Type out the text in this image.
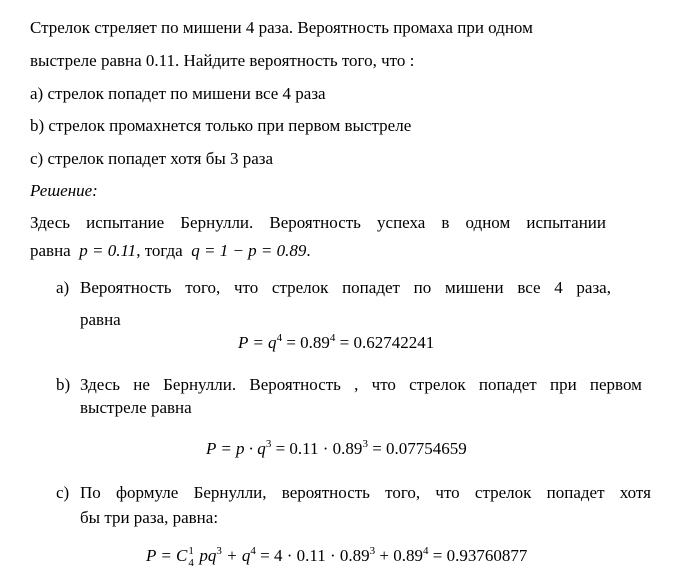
Стрелок стреляет по мишени 4 раза. Вероятность промаха при одном
выстреле равна 0.11. Найдите вероятность того, что :
a) стрелок попадет по мишени все 4 раза
b) стрелок промахнется только при первом выстреле
c) стрелок попадет хотя бы 3 раза
Решение:
Здесь испытание Бернулли. Вероятность успеха в одном испытании
равна p = 0.11, тогда q = 1 − p = 0.89.
a) Вероятность того, что стрелок попадет по мишени все 4 раза,
равна
$P = q^4 = 0.89^4 = 0.62742241$
b) Здесь не Бернулли. Вероятность , что стрелок попадет при первом
выстреле равна
$P = p \cdot q^3 = 0.11 \cdot 0.89^3 = 0.07754659$
c) По формуле Бернулли, вероятность того, что стрелок попадет хотя
бы три раза, равна:
P = C 1
4 $pq^3 + q^4 = 4 \cdot 0.11 \cdot 0.89^3 + 0.89^4 = 0.93760877$
